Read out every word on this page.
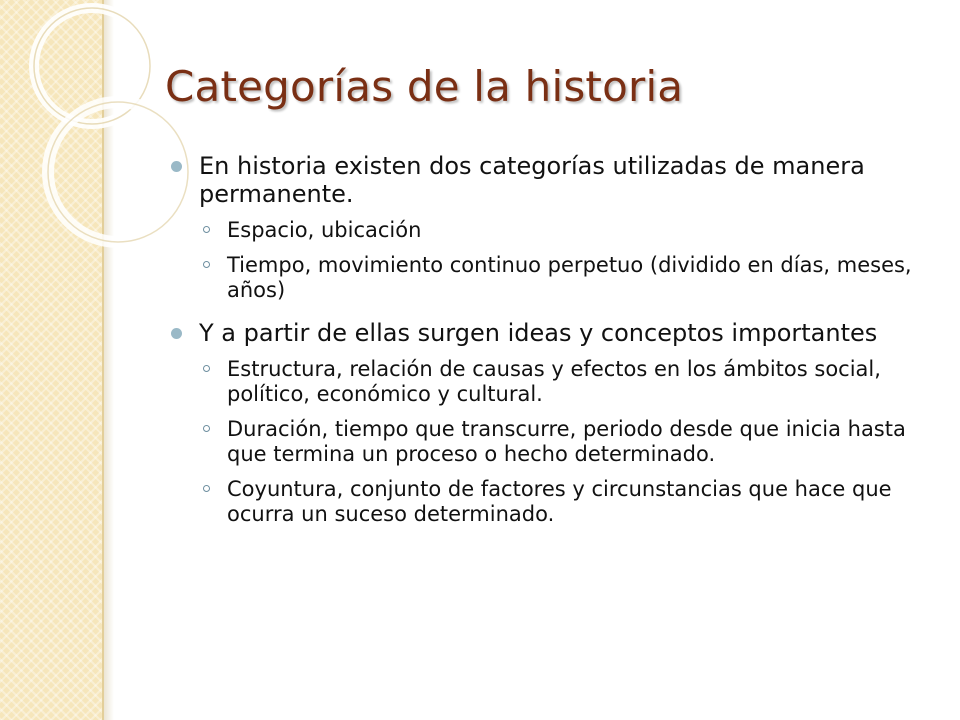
Categorías de la historia
En historia existen dos categorías utilizadas de manera permanente.
Espacio, ubicación
Tiempo, movimiento continuo perpetuo (dividido en días, meses, años)
Y a partir de ellas surgen ideas y conceptos importantes
Estructura, relación de causas y efectos en los ámbitos social, político, económico y cultural.
Duración, tiempo que transcurre, periodo desde que inicia hasta que termina un proceso o hecho determinado.
Coyuntura, conjunto de factores y circunstancias que hace que ocurra un suceso determinado.
